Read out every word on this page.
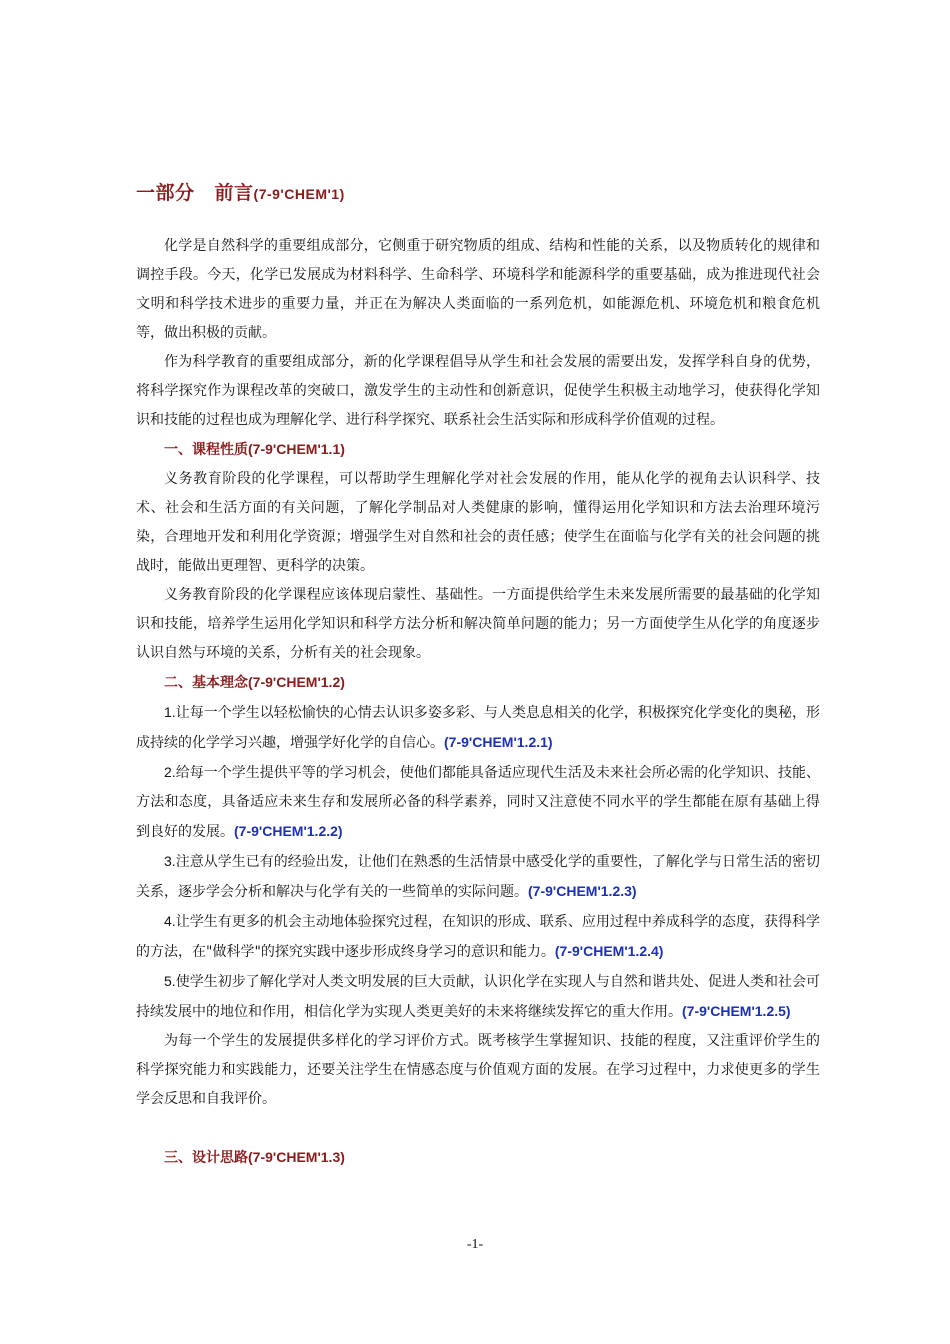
一部分 前言(7-9'CHEM'1)

化学是自然科学的重要组成部分，它侧重于研究物质的组成、结构和性能的关系，以及物质转化的规律和调控手段。今天，化学已发展成为材料科学、生命科学、环境科学和能源科学的重要基础，成为推进现代社会文明和科学技术进步的重要力量，并正在为解决人类面临的一系列危机，如能源危机、环境危机和粮食危机等，做出积极的贡献。

作为科学教育的重要组成部分，新的化学课程倡导从学生和社会发展的需要出发，发挥学科自身的优势，将科学探究作为课程改革的突破口，激发学生的主动性和创新意识，促使学生积极主动地学习，使获得化学知识和技能的过程也成为理解化学、进行科学探究、联系社会生活实际和形成科学价值观的过程。

一、课程性质(7-9'CHEM'1.1)

义务教育阶段的化学课程，可以帮助学生理解化学对社会发展的作用，能从化学的视角去认识科学、技术、社会和生活方面的有关问题，了解化学制品对人类健康的影响，懂得运用化学知识和方法去治理环境污染，合理地开发和利用化学资源；增强学生对自然和社会的责任感；使学生在面临与化学有关的社会问题的挑战时，能做出更理智、更科学的决策。

义务教育阶段的化学课程应该体现启蒙性、基础性。一方面提供给学生未来发展所需要的最基础的化学知识和技能，培养学生运用化学知识和科学方法分析和解决简单问题的能力；另一方面使学生从化学的角度逐步认识自然与环境的关系，分析有关的社会现象。

二、基本理念(7-9'CHEM'1.2)

1.让每一个学生以轻松愉快的心情去认识多姿多彩、与人类息息相关的化学，积极探究化学变化的奥秘，形成持续的化学学习兴趣，增强学好化学的自信心。(7-9'CHEM'1.2.1)

2.给每一个学生提供平等的学习机会，使他们都能具备适应现代生活及未来社会所必需的化学知识、技能、方法和态度，具备适应未来生存和发展所必备的科学素养，同时又注意使不同水平的学生都能在原有基础上得到良好的发展。(7-9'CHEM'1.2.2)

3.注意从学生已有的经验出发，让他们在熟悉的生活情景中感受化学的重要性，了解化学与日常生活的密切关系，逐步学会分析和解决与化学有关的一些简单的实际问题。(7-9'CHEM'1.2.3)

4.让学生有更多的机会主动地体验探究过程，在知识的形成、联系、应用过程中养成科学的态度，获得科学的方法，在"做科学"的探究实践中逐步形成终身学习的意识和能力。(7-9'CHEM'1.2.4)

5.使学生初步了解化学对人类文明发展的巨大贡献，认识化学在实现人与自然和谐共处、促进人类和社会可持续发展中的地位和作用，相信化学为实现人类更美好的未来将继续发挥它的重大作用。(7-9'CHEM'1.2.5)

为每一个学生的发展提供多样化的学习评价方式。既考核学生掌握知识、技能的程度，又注重评价学生的科学探究能力和实践能力，还要关注学生在情感态度与价值观方面的发展。在学习过程中，力求使更多的学生学会反思和自我评价。

三、设计思路(7-9'CHEM'1.3)
-1-
